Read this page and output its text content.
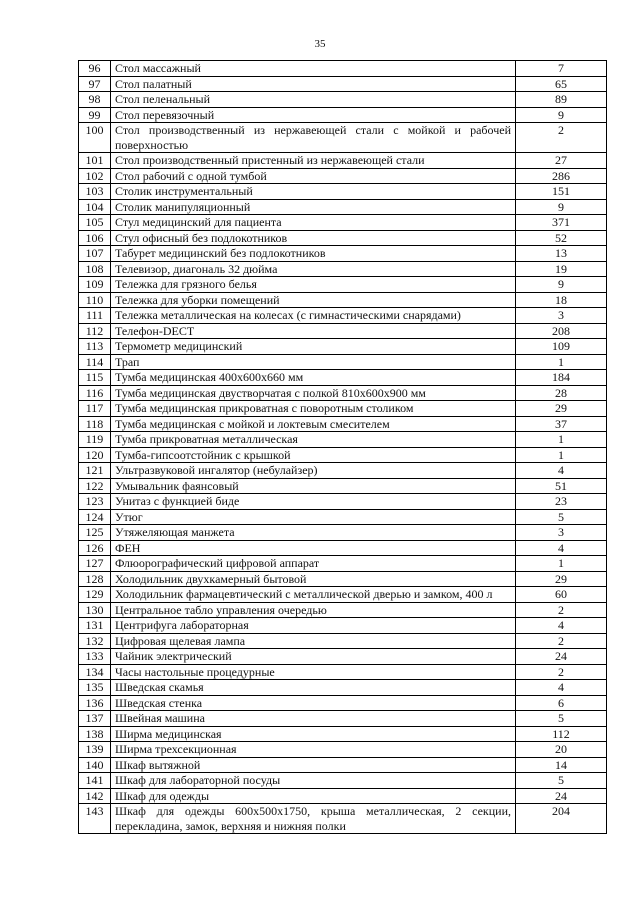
35
96	Стол массажный	7
97	Стол палатный	65
98	Стол пеленальный	89
99	Стол перевязочный	9
100	Стол производственный из нержавеющей стали с мойкой и рабочей поверхностью	2
101	Стол производственный пристенный из нержавеющей стали	27
102	Стол рабочий с одной тумбой	286
103	Столик инструментальный	151
104	Столик манипуляционный	9
105	Стул медицинский для пациента	371
106	Стул офисный без подлокотников	52
107	Табурет медицинский без подлокотников	13
108	Телевизор, диагональ 32 дюйма	19
109	Тележка для грязного белья	9
110	Тележка для уборки помещений	18
111	Тележка металлическая на колесах (с гимнастическими снарядами)	3
112	Телефон-DECT	208
113	Термометр медицинский	109
114	Трап	1
115	Тумба медицинская 400х600х660 мм	184
116	Тумба медицинская двустворчатая с полкой 810х600х900 мм	28
117	Тумба медицинская прикроватная с поворотным столиком	29
118	Тумба медицинская с мойкой и локтевым смесителем	37
119	Тумба прикроватная металлическая	1
120	Тумба-гипсоотстойник с крышкой	1
121	Ультразвуковой ингалятор (небулайзер)	4
122	Умывальник фаянсовый	51
123	Унитаз с функцией биде	23
124	Утюг	5
125	Утяжеляющая манжета	3
126	ФЕН	4
127	Флюорографический цифровой аппарат	1
128	Холодильник двухкамерный бытовой	29
129	Холодильник фармацевтический с металлической дверью и замком, 400 л	60
130	Центральное табло управления очередью	2
131	Центрифуга лабораторная	4
132	Цифровая щелевая лампа	2
133	Чайник электрический	24
134	Часы настольные процедурные	2
135	Шведская скамья	4
136	Шведская стенка	6
137	Швейная машина	5
138	Ширма медицинская	112
139	Ширма трехсекционная	20
140	Шкаф вытяжной	14
141	Шкаф для лабораторной посуды	5
142	Шкаф для одежды	24
143	Шкаф для одежды 600х500х1750, крыша металлическая, 2 секции, перекладина, замок, верхняя и нижняя полки	204
